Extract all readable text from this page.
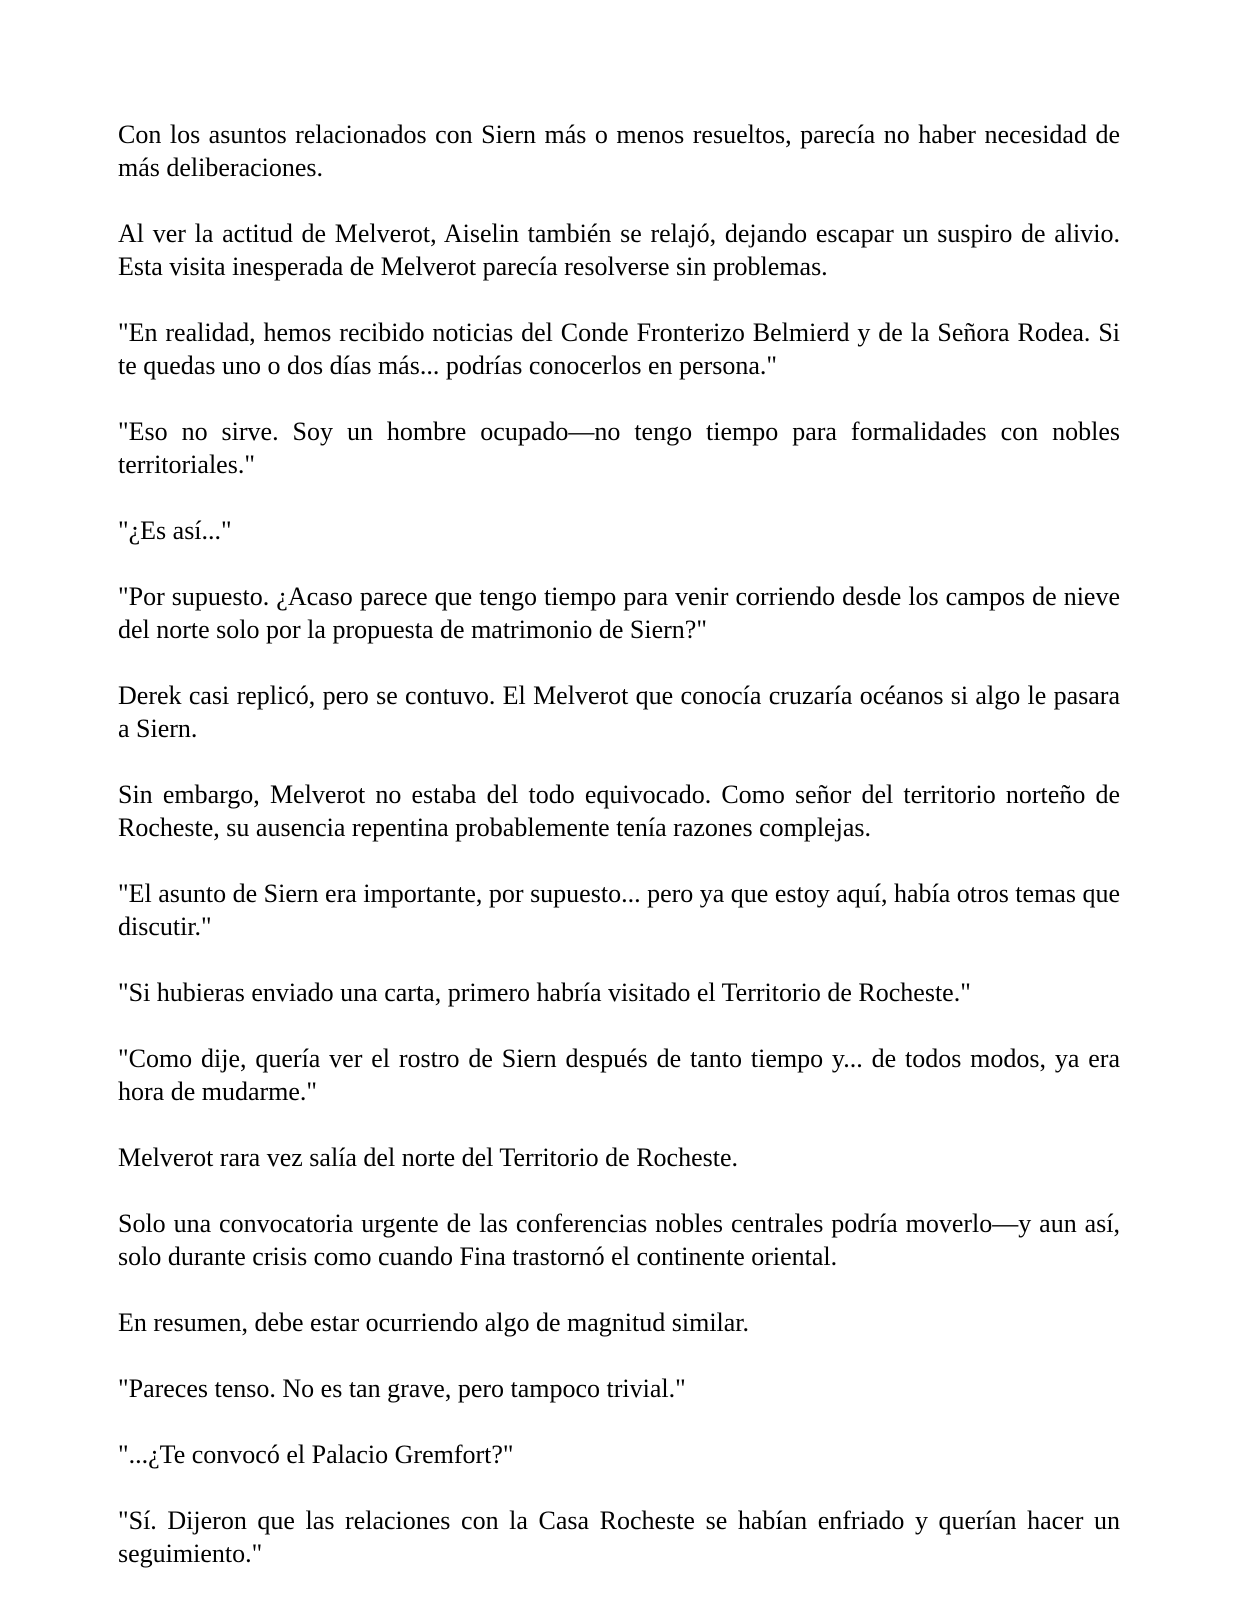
Con los asuntos relacionados con Siern más o menos resueltos, parecía no haber necesidad de más deliberaciones.

Al ver la actitud de Melverot, Aiselin también se relajó, dejando escapar un suspiro de alivio. Esta visita inesperada de Melverot parecía resolverse sin problemas.

"En realidad, hemos recibido noticias del Conde Fronterizo Belmierd y de la Señora Rodea. Si te quedas uno o dos días más... podrías conocerlos en persona."

"Eso no sirve. Soy un hombre ocupado—no tengo tiempo para formalidades con nobles territoriales."

"¿Es así..."

"Por supuesto. ¿Acaso parece que tengo tiempo para venir corriendo desde los campos de nieve del norte solo por la propuesta de matrimonio de Siern?"

Derek casi replicó, pero se contuvo. El Melverot que conocía cruzaría océanos si algo le pasara a Siern.

Sin embargo, Melverot no estaba del todo equivocado. Como señor del territorio norteño de Rocheste, su ausencia repentina probablemente tenía razones complejas.

"El asunto de Siern era importante, por supuesto... pero ya que estoy aquí, había otros temas que discutir."

"Si hubieras enviado una carta, primero habría visitado el Territorio de Rocheste."

"Como dije, quería ver el rostro de Siern después de tanto tiempo y... de todos modos, ya era hora de mudarme."

Melverot rara vez salía del norte del Territorio de Rocheste.

Solo una convocatoria urgente de las conferencias nobles centrales podría moverlo—y aun así, solo durante crisis como cuando Fina trastornó el continente oriental.

En resumen, debe estar ocurriendo algo de magnitud similar.

"Pareces tenso. No es tan grave, pero tampoco trivial."

"...¿Te convocó el Palacio Gremfort?"

"Sí. Dijeron que las relaciones con la Casa Rocheste se habían enfriado y querían hacer un seguimiento."
